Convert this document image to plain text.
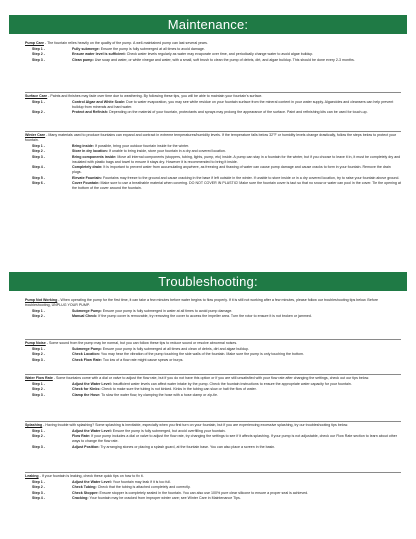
Maintenance:

Pump Care - The fountain relies heavily on the quality of the pump. A well-maintained pump can last several years.

Step 1 -	Fully submerge: Ensure the pump is fully submerged at all times to avoid damage.
Step 2 -	Ensure water level is sufficient: Check water levels regularly as water may evaporate over time, and periodically change water to avoid algae buildup.
Step 3 -	Clean pump: Use soap and water, or white vinegar and water, with a small, soft brush to clean the pump of debris, dirt, and algae buildup. This should be done every 2-3 months.

Surface Care - Paints and finishes may fade over time due to weathering. By following these tips, you will be able to maintain your fountain's surface.

Step 1 -	Control Algae and White Scale: Due to water evaporation, you may see white residue on your fountain surface from the mineral content in your water supply. Algaecides and cleansers can help prevent buildup from minerals and hard water.
Step 2 -	Protect and Refinish: Depending on the material of your fountain, protectants and sprays may prolong the appearance of the surface. Paint and refinishing kits can be used for touch-up.

Winter Care - Many materials used to produce fountains can expand and contract in extreme temperatures/humidity levels. If the temperature falls below 32°F or humidity levels change drastically, follow the steps below to protect your fountain.

Step 1 -	Bring inside: If possible, bring your outdoor fountain inside for the winter.
Step 2 -	Store in dry location: If unable to bring inside, store your fountain in a dry and covered location.
Step 3 -	Bring components inside: Move all internal components (stoppers, tubing, lights, pump, etc) inside. A pump can stay in a fountain for the winter, but if you choose to leave it in, it must be completely dry and insulated with plastic bags and towel to ensure it stays dry. However it is recommended to bring it inside.
Step 4 -	Completely drain: It is important to prevent water from accumulating anywhere, as freezing and thawing of water can cause pump damage and cause cracks to form in your fountain. Remove the drain plugs.
Step 5 -	Elevate Fountain: Fountains may freeze to the ground and cause cracking in the base if left outside in the winter. If unable to store inside or in a dry covered location, try to raise your fountain above ground.
Step 6 -	Cover Fountain: Make sure to use a breathable material when covering. DO NOT COVER IN PLASTIC! Make sure the fountain cover is taut so that no snow or water can pool in the cover. Tie the opening at the bottom of the cover around the fountain.
Troubleshooting:

Pump Not Working - When operating the pump for the first time, it can take a few minutes before water begins to flow properly. If it is still not working after a few minutes, please follow our troubleshooting tips below. Before troubleshooting, UNPLUG YOUR PUMP.

Step 1 -	Submerge Pump: Ensure your pump is fully submerged in water at all times to avoid pump damage.
Step 2 -	Manual Check: If the pump cover is removable, try removing the cover to access the impeller area. Turn the rotor to ensure it is not broken or jammed.

Pump Noise - Some sound from the pump may be normal, but you can follow these tips to reduce sound or resolve abnormal noises.

Step 1 -	Submerge Pump: Ensure your pump is fully submerged at all times and clean of debris, dirt and algae buildup.
Step 2 -	Check Location: You may hear the vibration of the pump touching the side walls of the fountain. Make sure the pump is only touching the bottom.
Step 3 -	Check Flow Rate: Too low of a flow rate might cause spews or burps.

Water Flow Rate - Some fountains come with a dial or valve to adjust the flow rate, but if you do not have this option or if you are still unsatisfied with your flow rate after changing the settings, check out our tips below.

Step 1 -	Adjust the Water Level: Insufficient water levels can affect water intake by the pump. Check the fountain instructions to ensure the appropriate water capacity for your fountain.
Step 2 -	Check for Kinks: Check to make sure the tubing is not kinked. Kinks in the tubing can slow or halt the flow of water.
Step 3 -	Clamp the Hose: To slow the water flow, try clamping the hose with a hose clamp or zip-tie.

Splashing - Having trouble with splashing? Some splashing is inevitable, especially when you first turn on your fountain, but if you are experiencing excessive splashing, try our troubleshooting tips below.

Step 1 -	Adjust the Water Level: Ensure the pump is fully submerged, but avoid overfilling your fountain.
Step 2 -	Flow Rate: If your pump includes a dial or valve to adjust the flow rate, try changing the settings to see if it affects splashing. If your pump is not adjustable, check our Flow Rate section to learn about other ways to change the flow rate.
Step 3 -	Adjust Position: Try arranging stones or placing a splash guard, at the fountain base. You can also place a screen in the basin.

Leaking - If your fountain is leaking, check these quick tips on how to fix it.

Step 1 -	Adjust the Water Level: Your fountain may leak if it is too full.
Step 2 -	Check Tubing: Check that the tubing is attached completely and correctly.
Step 3 -	Check Stopper: Ensure stopper is completely sealed in the fountain. You can also use 100% pure clear silicone to ensure a proper seal is achieved.
Step 4 -	Cracking: Your fountain may be cracked from improper winter care; see Winter Care in Maintenance Tips.
